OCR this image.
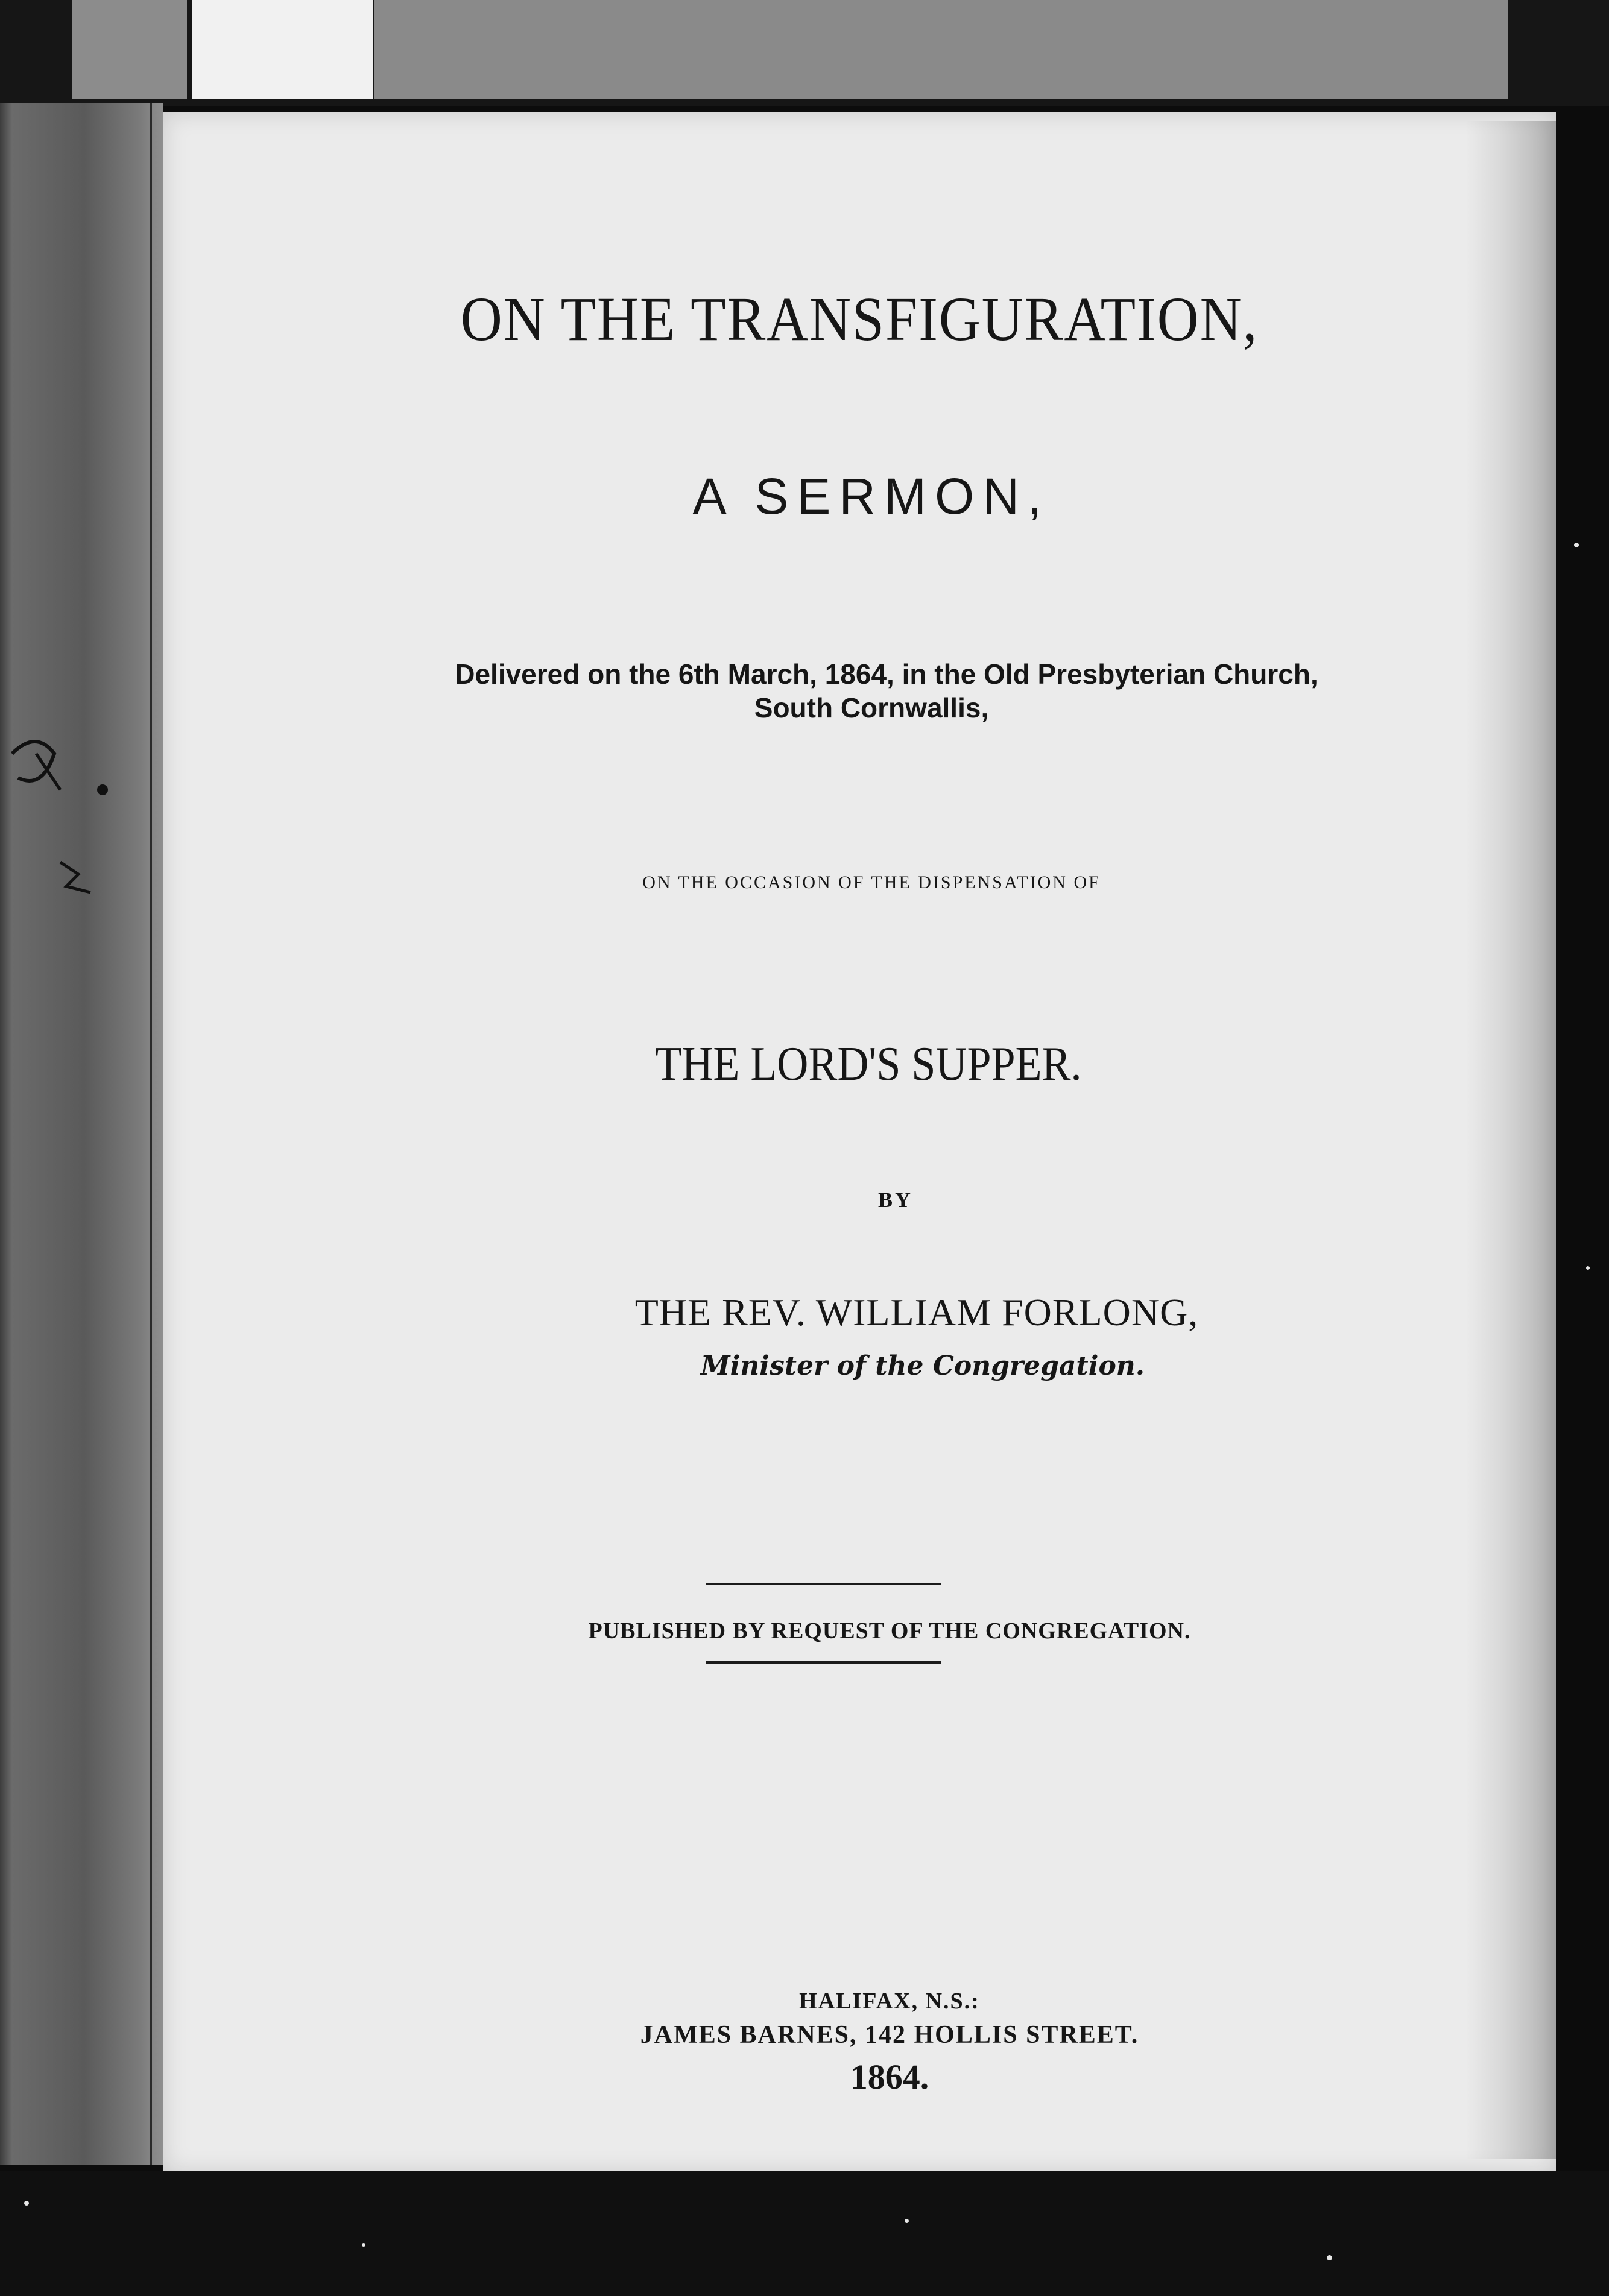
ON THE TRANSFIGURATION,
A SERMON,
Delivered on the 6th March, 1864, in the Old Presbyterian Church,
South Cornwallis,
ON THE OCCASION OF THE DISPENSATION OF
THE LORD'S SUPPER.
BY
THE REV. WILLIAM FORLONG,
Minister of the Congregation.
PUBLISHED BY REQUEST OF THE CONGREGATION.
HALIFAX, N.S.:
JAMES BARNES, 142 HOLLIS STREET.
1864.
